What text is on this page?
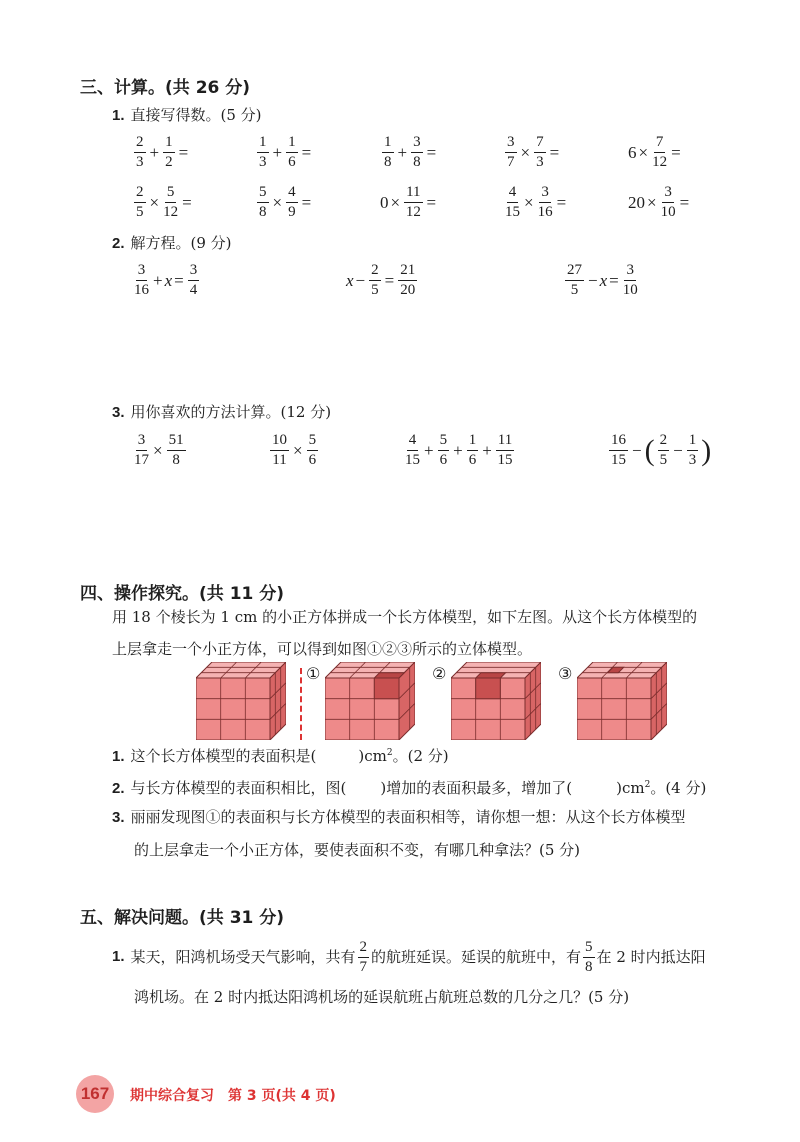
三、计算。(共 26 分)
1. 直接写得数。(5 分)
$\frac{2}{3} + \frac{1}{2}$ =	$\frac{1}{3} + \frac{1}{6}$ =	$\frac{1}{8} + \frac{3}{8}$ =	$\frac{3}{7} \times \frac{7}{3}$ =	$6 \times \frac{7}{12}$ =
$\frac{2}{5} \times \frac{5}{12}$ =	$\frac{5}{8} \times \frac{4}{9}$ =	$0 \times \frac{11}{12}$ =	$\frac{4}{15} \times \frac{3}{16}$ =	$20 \times \frac{3}{10}$ =
2. 解方程。(9 分)
$\frac{3}{16} + x = \frac{3}{4}$	$x - \frac{2}{5} = \frac{21}{20}$	$\frac{27}{5} - x = \frac{3}{10}$
3. 用你喜欢的方法计算。(12 分)
$\frac{3}{17} \times \frac{51}{8}$	$\frac{10}{11} \times \frac{5}{6}$	$\frac{4}{15} + \frac{5}{6} + \frac{1}{6} + \frac{11}{15}$	$\frac{16}{15}$ − ( $\frac{2}{5} - \frac{1}{3}$ )
四、操作探究。(共 11 分)
用 18 个棱长为 1 cm 的小正方体拼成一个长方体模型，如下左图。从这个长方体模型的
上层拿走一个小正方体，可以得到如图①②③所示的立体模型。
①	②	③
1. 这个长方体模型的表面积是(	)$cm^2$。(2 分)
2. 与长方体模型的表面积相比，图( )增加的表面积最多，增加了(	)$cm^2$。(4 分)
3. 丽丽发现图①的表面积与长方体模型的表面积相等，请你想一想：从这个长方体模型
的上层拿走一个小正方体，要使表面积不变，有哪几种拿法？(5 分)
五、解决问题。(共 31 分)
1. 某天，阳鸿机场受天气影响，共有 $\frac{2}{7}$ 的航班延误。延误的航班中，有 $\frac{5}{8}$ 在 2 时内抵达阳
鸿机场。在 2 时内抵达阳鸿机场的延误航班占航班总数的几分之几？(5 分)
167	期中综合复习　第 3 页(共 4 页)
